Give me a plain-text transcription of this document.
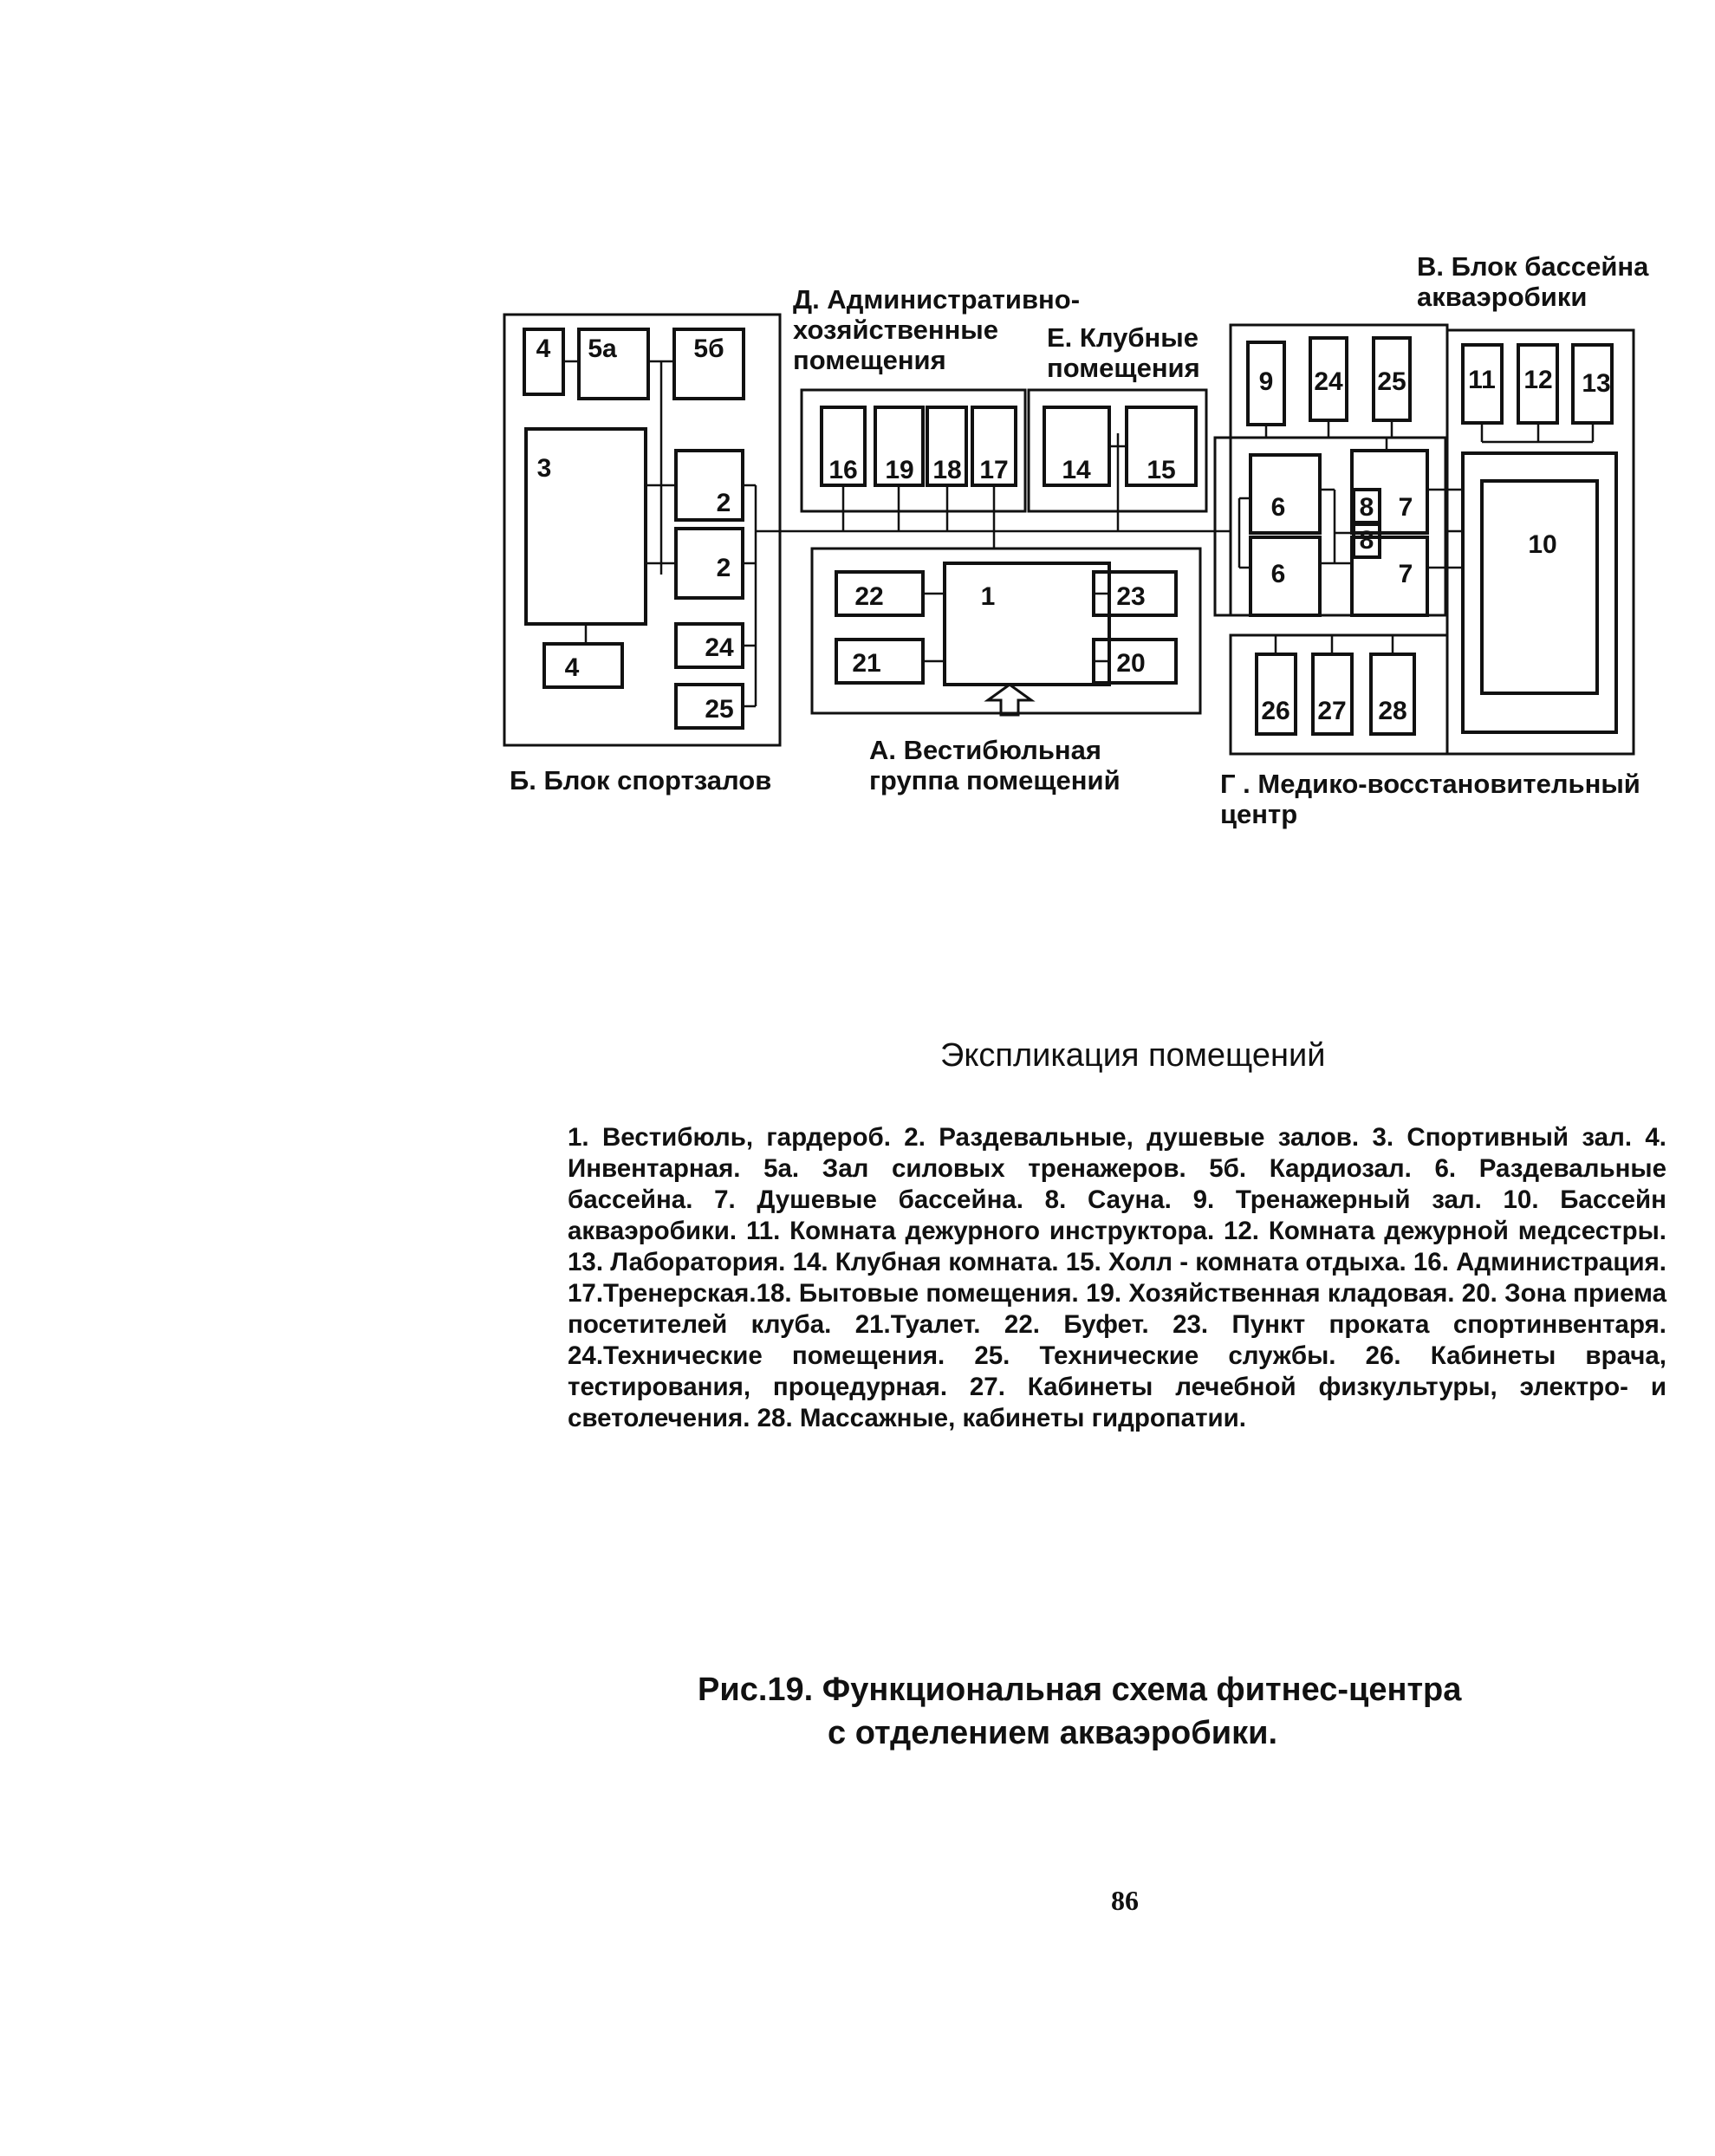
4 5а	5б
3
2
2
4
24
25
16 19 18 17 14 15
22	1	23
21	20
9 24 25
6
6
8
8
7
7
26 27 28
11 12 13
10
Д. Административно-
хозяйственные
помещения
Е. Клубные
помещения
В. Блок бассейна
акваэробики
Б. Блок спортзалов
А. Вестибюльная
группа помещений	Г . Медико-восстановительный
центр
Экспликация помещений

1. Вестибюль, гардероб. 2. Раздевальные, душевые залов. 3. Спортивный зал. 4. Инвентарная. 5а. Зал силовых тренажеров. 5б. Кардиозал. 6. Раздевальные бассейна. 7. Душевые бассейна. 8. Сауна. 9. Тренажерный зал. 10. Бассейн акваэробики. 11. Комната дежурного инструктора. 12. Комната дежурной медсестры. 13. Лаборатория. 14. Клубная комната. 15. Холл - комната отдыха. 16. Администрация. 17.Тренерская.18. Бытовые помещения. 19. Хозяйственная кладовая. 20. Зона приема посетителей клуба. 21.Туалет. 22. Буфет. 23. Пункт проката спортинвентаря. 24.Технические помещения. 25. Технические службы. 26. Кабинеты врача, тестирования, процедурная. 27. Кабинеты лечебной физкультуры, электро- и светолечения. 28. Массажные, кабинеты гидропатии.

Рис.19. Функциональная схема фитнес-центра
с отделением акваэробики.
86
